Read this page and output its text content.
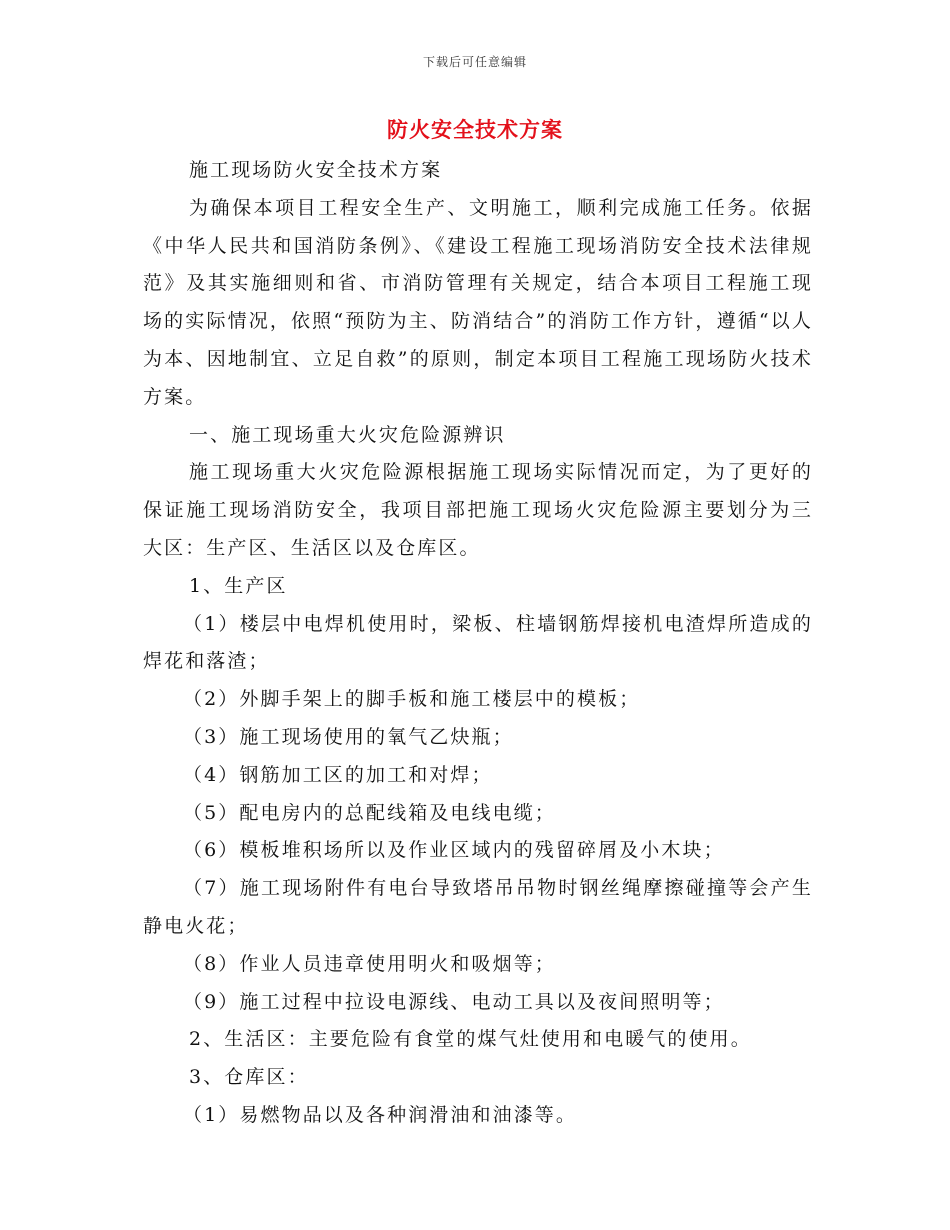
下载后可任意编辑
防火安全技术方案

施工现场防火安全技术方案

为确保本项目工程安全生产、文明施工，顺利完成施工任务。依据《中华人民共和国消防条例》、《建设工程施工现场消防安全技术法律规范》及其实施细则和省、市消防管理有关规定，结合本项目工程施工现场的实际情况，依照“预防为主、防消结合”的消防工作方针，遵循“以人为本、因地制宜、立足自救”的原则，制定本项目工程施工现场防火技术方案。

一、施工现场重大火灾危险源辨识

施工现场重大火灾危险源根据施工现场实际情况而定，为了更好的保证施工现场消防安全，我项目部把施工现场火灾危险源主要划分为三大区：生产区、生活区以及仓库区。

1、生产区

（1）楼层中电焊机使用时，梁板、柱墙钢筋焊接机电渣焊所造成的焊花和落渣；

（2）外脚手架上的脚手板和施工楼层中的模板；

（3）施工现场使用的氧气乙炔瓶；

（4）钢筋加工区的加工和对焊；

（5）配电房内的总配线箱及电线电缆；

（6）模板堆积场所以及作业区域内的残留碎屑及小木块；

（7）施工现场附件有电台导致塔吊吊物时钢丝绳摩擦碰撞等会产生静电火花；

（8）作业人员违章使用明火和吸烟等；

（9）施工过程中拉设电源线、电动工具以及夜间照明等；

2、生活区：主要危险有食堂的煤气灶使用和电暖气的使用。

3、仓库区：

（1）易燃物品以及各种润滑油和油漆等。
